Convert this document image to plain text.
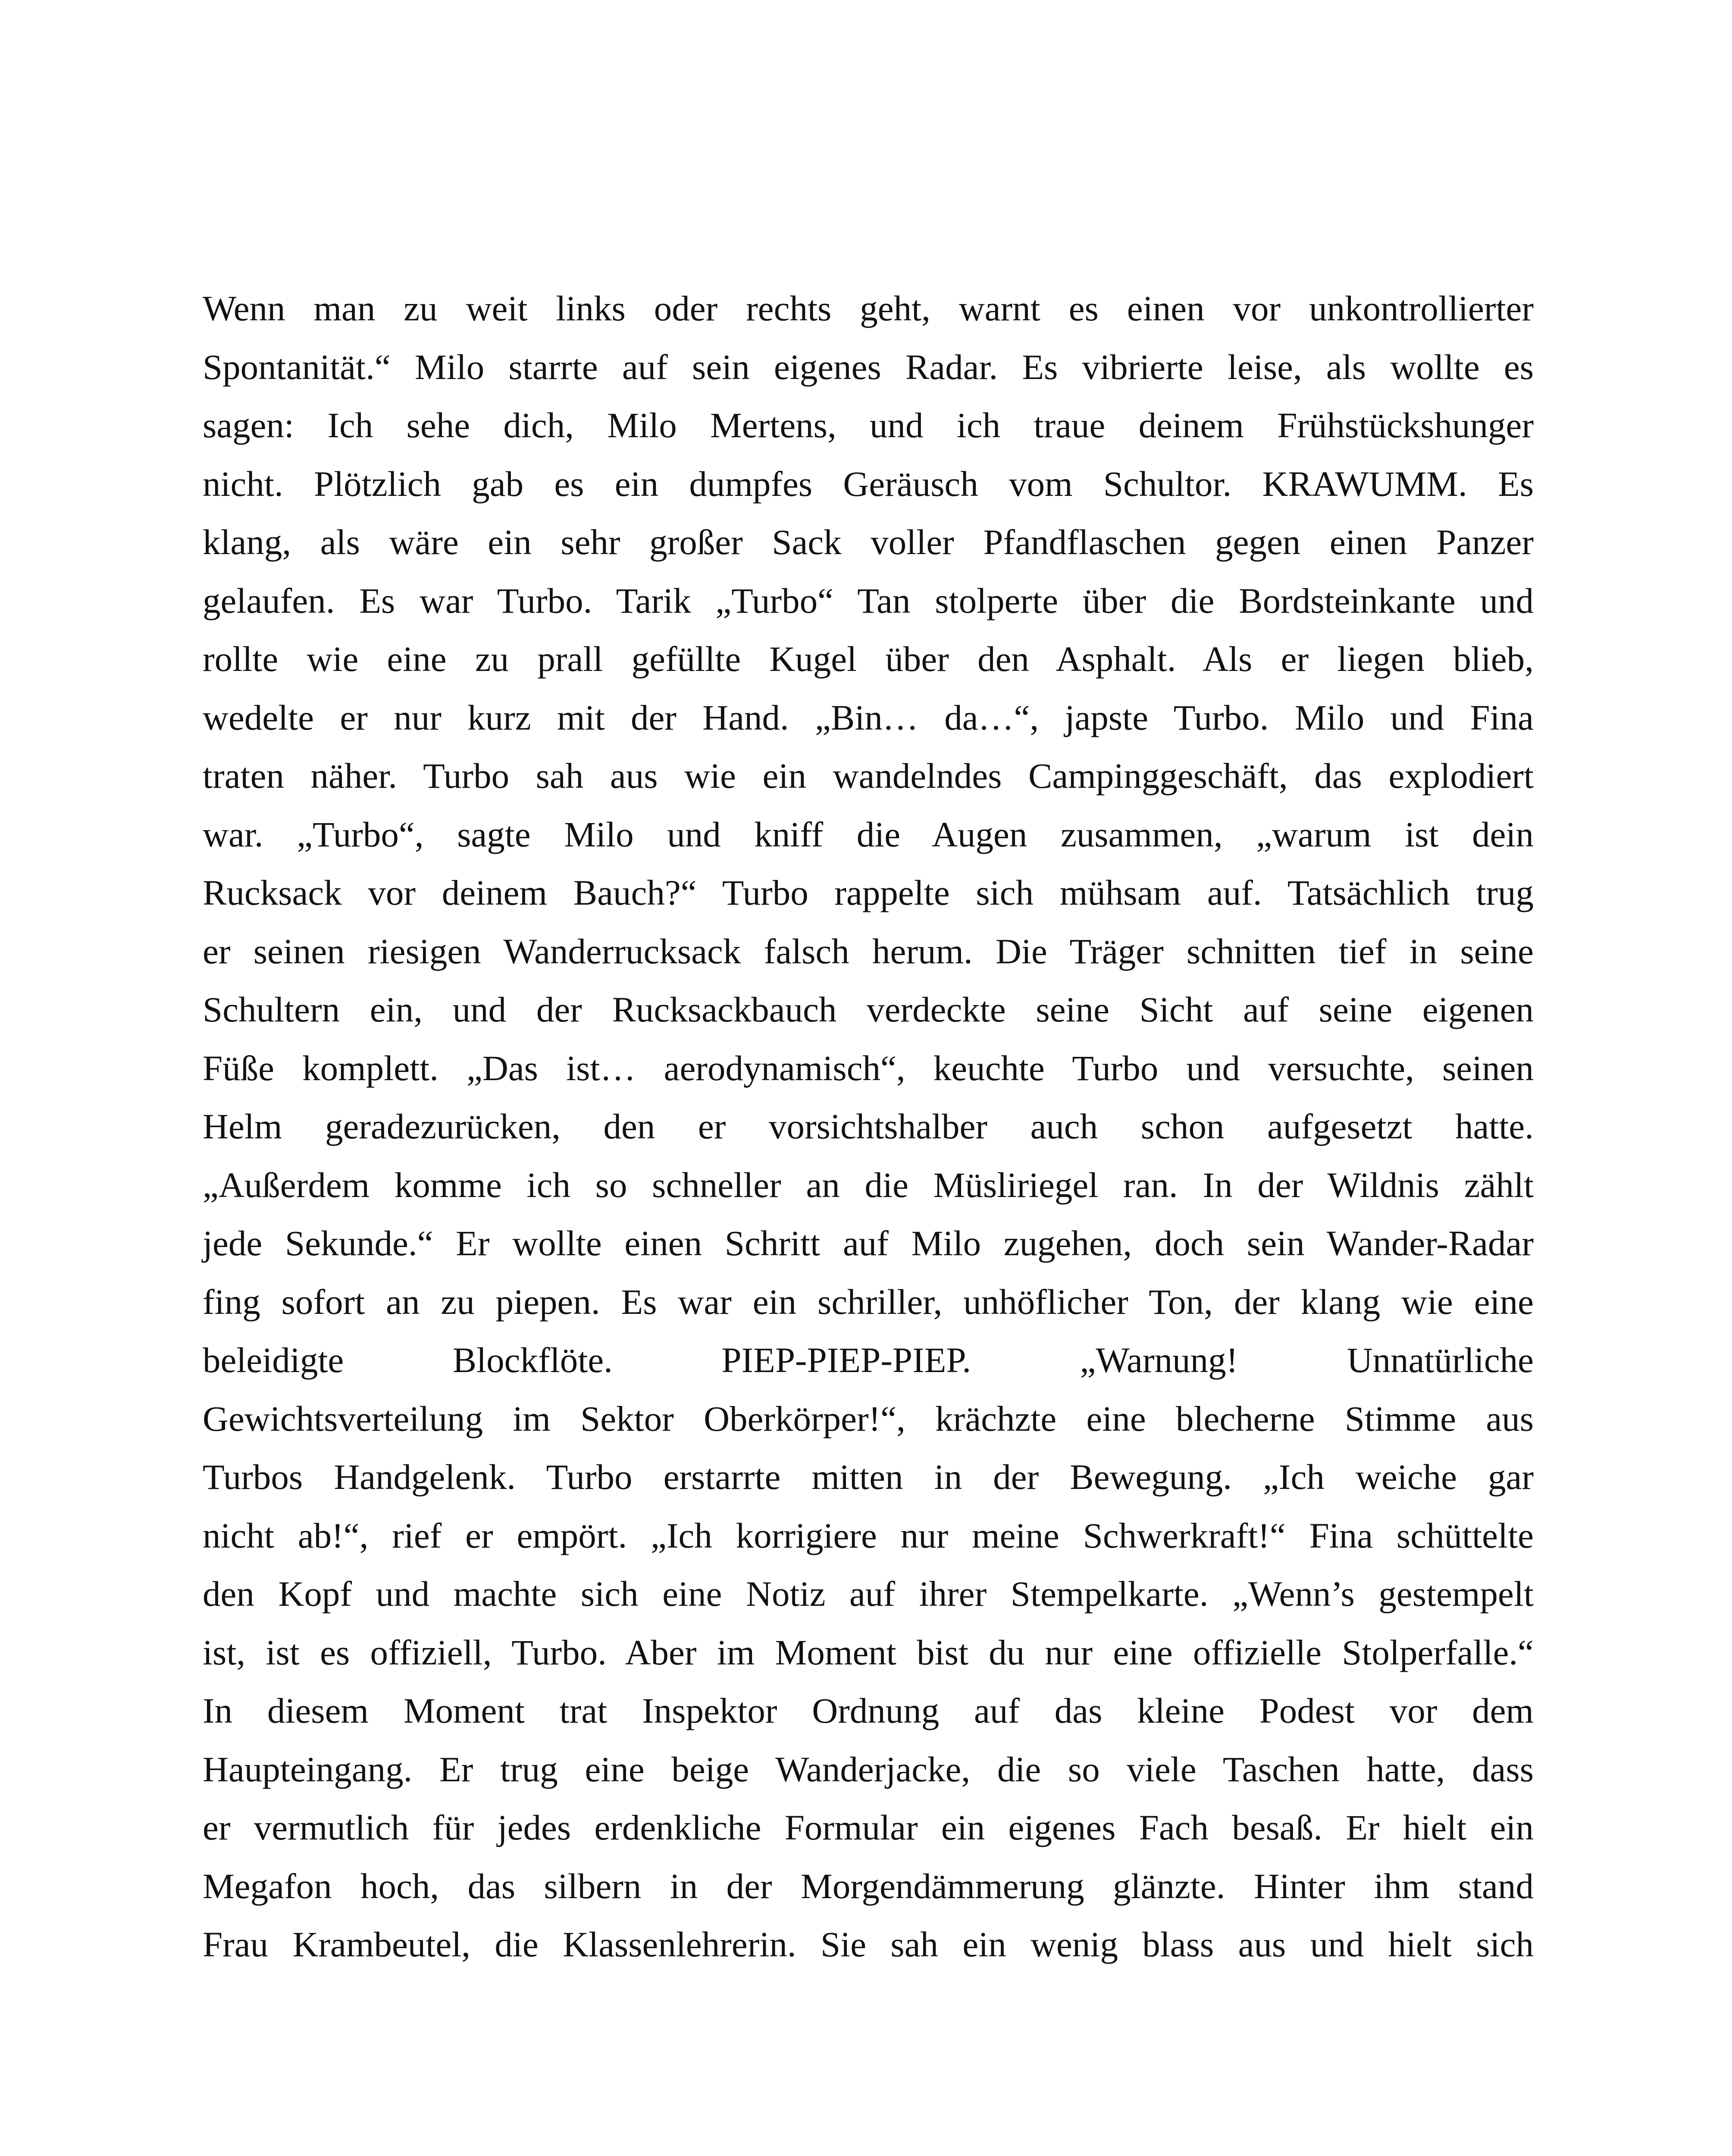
Wenn man zu weit links oder rechts geht, warnt es einen vor unkontrollierter
Spontanität.“ Milo starrte auf sein eigenes Radar. Es vibrierte leise, als wollte es
sagen: Ich sehe dich, Milo Mertens, und ich traue deinem Frühstückshunger
nicht. Plötzlich gab es ein dumpfes Geräusch vom Schultor. KRAWUMM. Es
klang, als wäre ein sehr großer Sack voller Pfandflaschen gegen einen Panzer
gelaufen. Es war Turbo. Tarik „Turbo“ Tan stolperte über die Bordsteinkante und
rollte wie eine zu prall gefüllte Kugel über den Asphalt. Als er liegen blieb,
wedelte er nur kurz mit der Hand. „Bin… da…“, japste Turbo. Milo und Fina
traten näher. Turbo sah aus wie ein wandelndes Campinggeschäft, das explodiert
war. „Turbo“, sagte Milo und kniff die Augen zusammen, „warum ist dein
Rucksack vor deinem Bauch?“ Turbo rappelte sich mühsam auf. Tatsächlich trug
er seinen riesigen Wanderrucksack falsch herum. Die Träger schnitten tief in seine
Schultern ein, und der Rucksackbauch verdeckte seine Sicht auf seine eigenen
Füße komplett. „Das ist… aerodynamisch“, keuchte Turbo und versuchte, seinen
Helm geradezurücken, den er vorsichtshalber auch schon aufgesetzt hatte.
„Außerdem komme ich so schneller an die Müsliriegel ran. In der Wildnis zählt
jede Sekunde.“ Er wollte einen Schritt auf Milo zugehen, doch sein Wander-Radar
fing sofort an zu piepen. Es war ein schriller, unhöflicher Ton, der klang wie eine
beleidigte Blockflöte. PIEP-PIEP-PIEP. „Warnung! Unnatürliche
Gewichtsverteilung im Sektor Oberkörper!“, krächzte eine blecherne Stimme aus
Turbos Handgelenk. Turbo erstarrte mitten in der Bewegung. „Ich weiche gar
nicht ab!“, rief er empört. „Ich korrigiere nur meine Schwerkraft!“ Fina schüttelte
den Kopf und machte sich eine Notiz auf ihrer Stempelkarte. „Wenn’s gestempelt
ist, ist es offiziell, Turbo. Aber im Moment bist du nur eine offizielle Stolperfalle.“
In diesem Moment trat Inspektor Ordnung auf das kleine Podest vor dem
Haupteingang. Er trug eine beige Wanderjacke, die so viele Taschen hatte, dass
er vermutlich für jedes erdenkliche Formular ein eigenes Fach besaß. Er hielt ein
Megafon hoch, das silbern in der Morgendämmerung glänzte. Hinter ihm stand
Frau Krambeutel, die Klassenlehrerin. Sie sah ein wenig blass aus und hielt sich
